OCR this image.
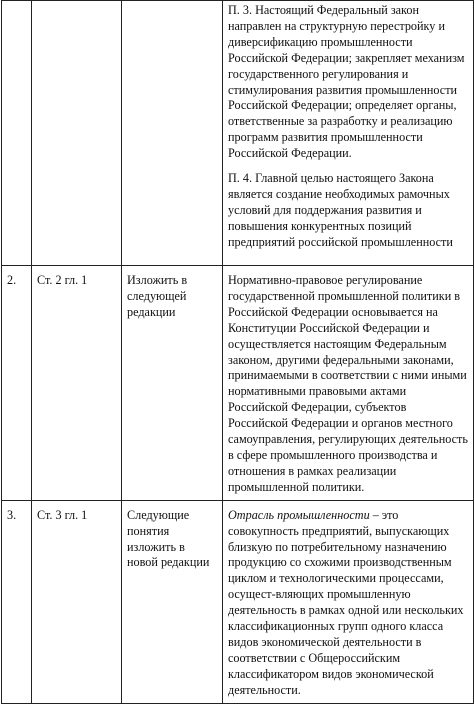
			П. 3. Настоящий Федеральный закон направлен на структурную перестройку и диверсификацию промышленности Российской Федерации; закрепляет механизм государственного регулирования и стимулирования развития промышленности Российской Федерации; определяет органы, ответственные за разработку и реализацию программ развития промышленности Российской Федерации.

П. 4. Главной целью настоящего Закона является создание необходимых рамочных условий для поддержания развития и повышения конкурентных позиций предприятий российской промышленности

2.	Ст. 2 гл. 1	Изложить в следующей редакции	Нормативно-правовое регулирование государственной промышленной политики в Российской Федерации основывается на Конституции Российской Федерации и осуществляется настоящим Федеральным законом, другими федеральными законами, принимаемыми в соответствии с ними иными нормативными правовыми актами Российской Федерации, субъектов Российской Федерации и органов местного самоуправления, регулирующих деятельность в сфере промышленного производства и отношения в рамках реализации промышленной политики.

3.	Ст. 3 гл. 1	Следующие понятия изложить в новой редакции	Отрасль промышленности – это совокупность предприятий, выпускающих близкую по потребительному назначению продукцию со схожими производственным циклом и технологическими процессами, осущест-вляющих промышленную деятельность в рамках одной или нескольких классификационных групп одного класса видов экономической деятельности в соответствии с Общероссийским классификатором видов экономической деятельности.
